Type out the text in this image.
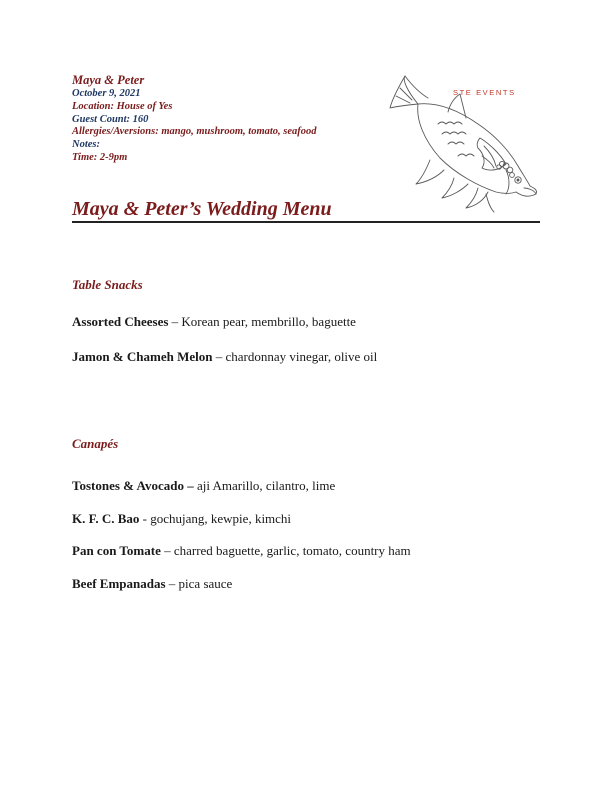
Maya & Peter
October 9, 2021
Location: House of Yes
Guest Count: 160
Allergies/Aversions: mango, mushroom, tomato, seafood
Notes:
Time: 2-9pm
STE EVENTS
Maya & Peter’s Wedding Menu
Table Snacks
Assorted Cheeses – Korean pear, membrillo, baguette
Jamon & Chameh Melon – chardonnay vinegar, olive oil
Canapés
Tostones & Avocado – aji Amarillo, cilantro, lime
K. F. C. Bao - gochujang, kewpie, kimchi
Pan con Tomate – charred baguette, garlic, tomato, country ham
Beef Empanadas – pica sauce
